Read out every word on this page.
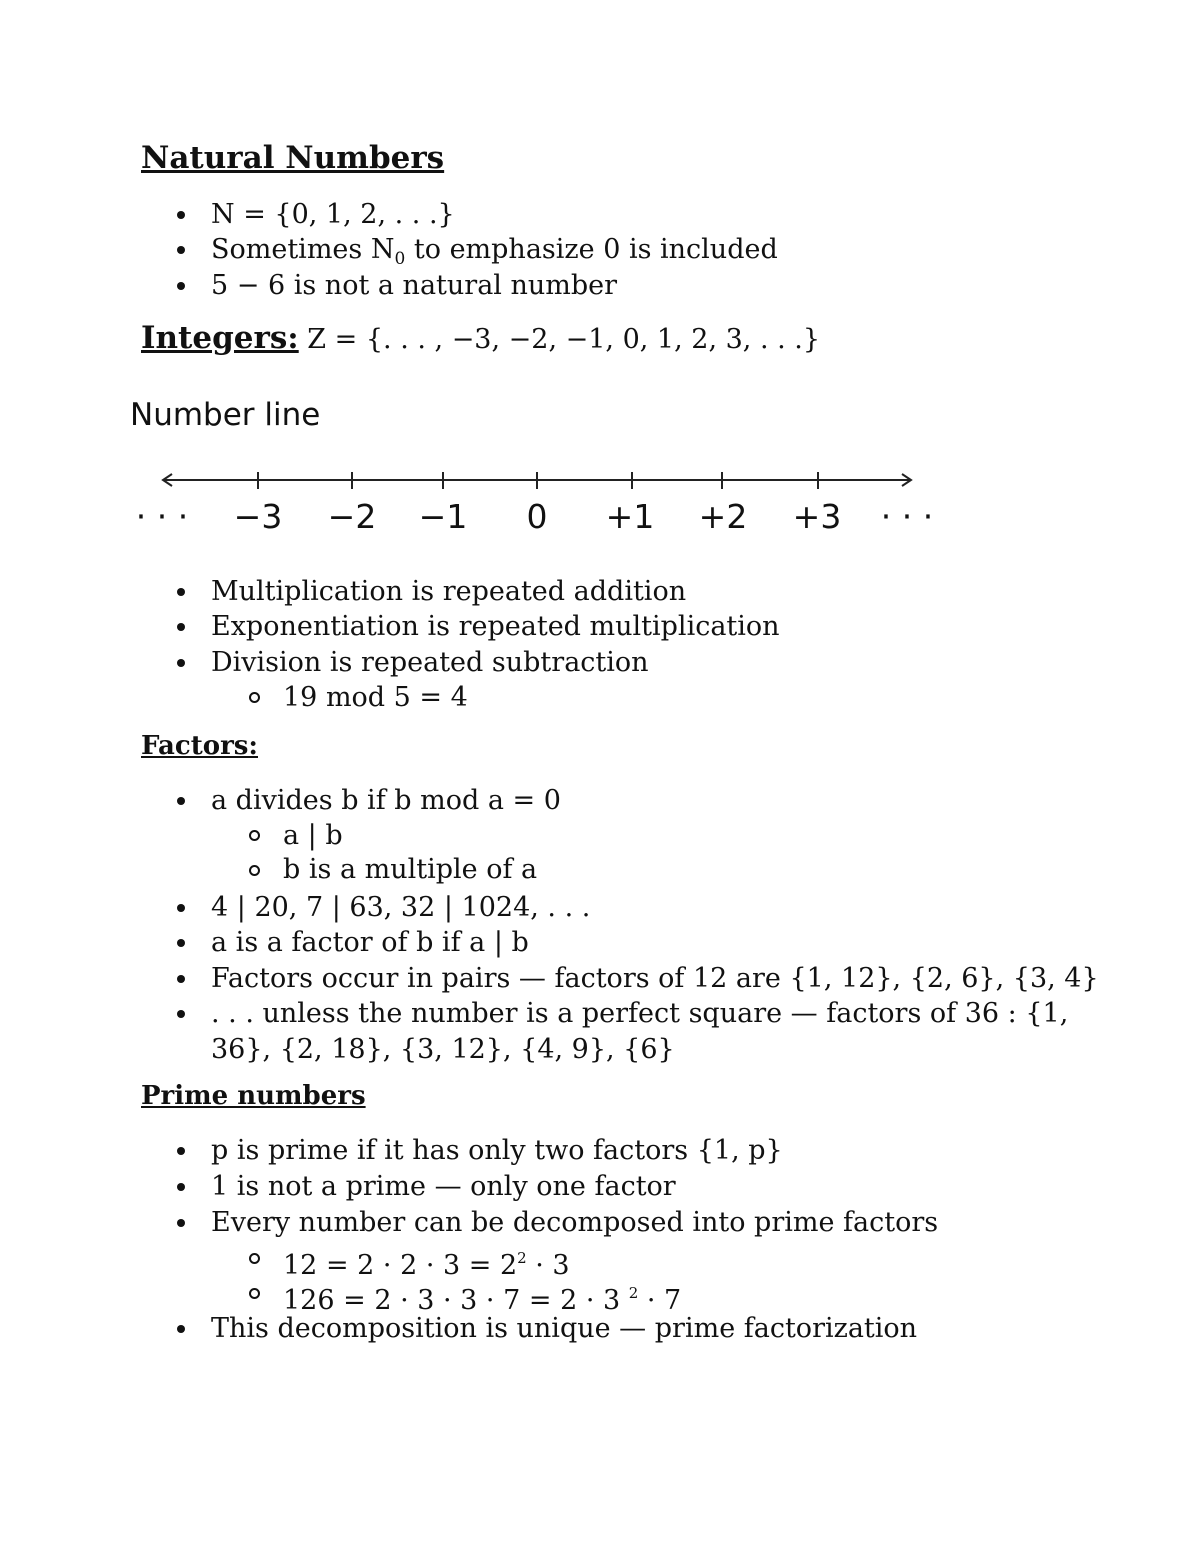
Natural Numbers
N = {0, 1, 2, . . .}
Sometimes $N_0$ to emphasize 0 is included
5 − 6 is not a natural number
Integers: Z = {. . . , −3, −2, −1, 0, 1, 2, 3, . . .}
Number line
· · · −3 −2 −1 0 +1 +2 +3 · · ·
Multiplication is repeated addition
Exponentiation is repeated multiplication
Division is repeated subtraction
19 mod 5 = 4
Factors:
a divides b if b mod a = 0
a | b
b is a multiple of a
4 | 20, 7 | 63, 32 | 1024, . . .
a is a factor of b if a | b
Factors occur in pairs — factors of 12 are {1, 12}, {2, 6}, {3, 4}
. . . unless the number is a perfect square — factors of 36 : {1,
36}, {2, 18}, {3, 12}, {4, 9}, {6}
Prime numbers
p is prime if it has only two factors {1, p}
1 is not a prime — only one factor
Every number can be decomposed into prime factors
$12 = 2 \cdot 2 \cdot 3 = 2^2 \cdot 3$
126 = 2 · 3 · 3 · 7 = 2 · 3 $^2$ · 7
This decomposition is unique — prime factorization
